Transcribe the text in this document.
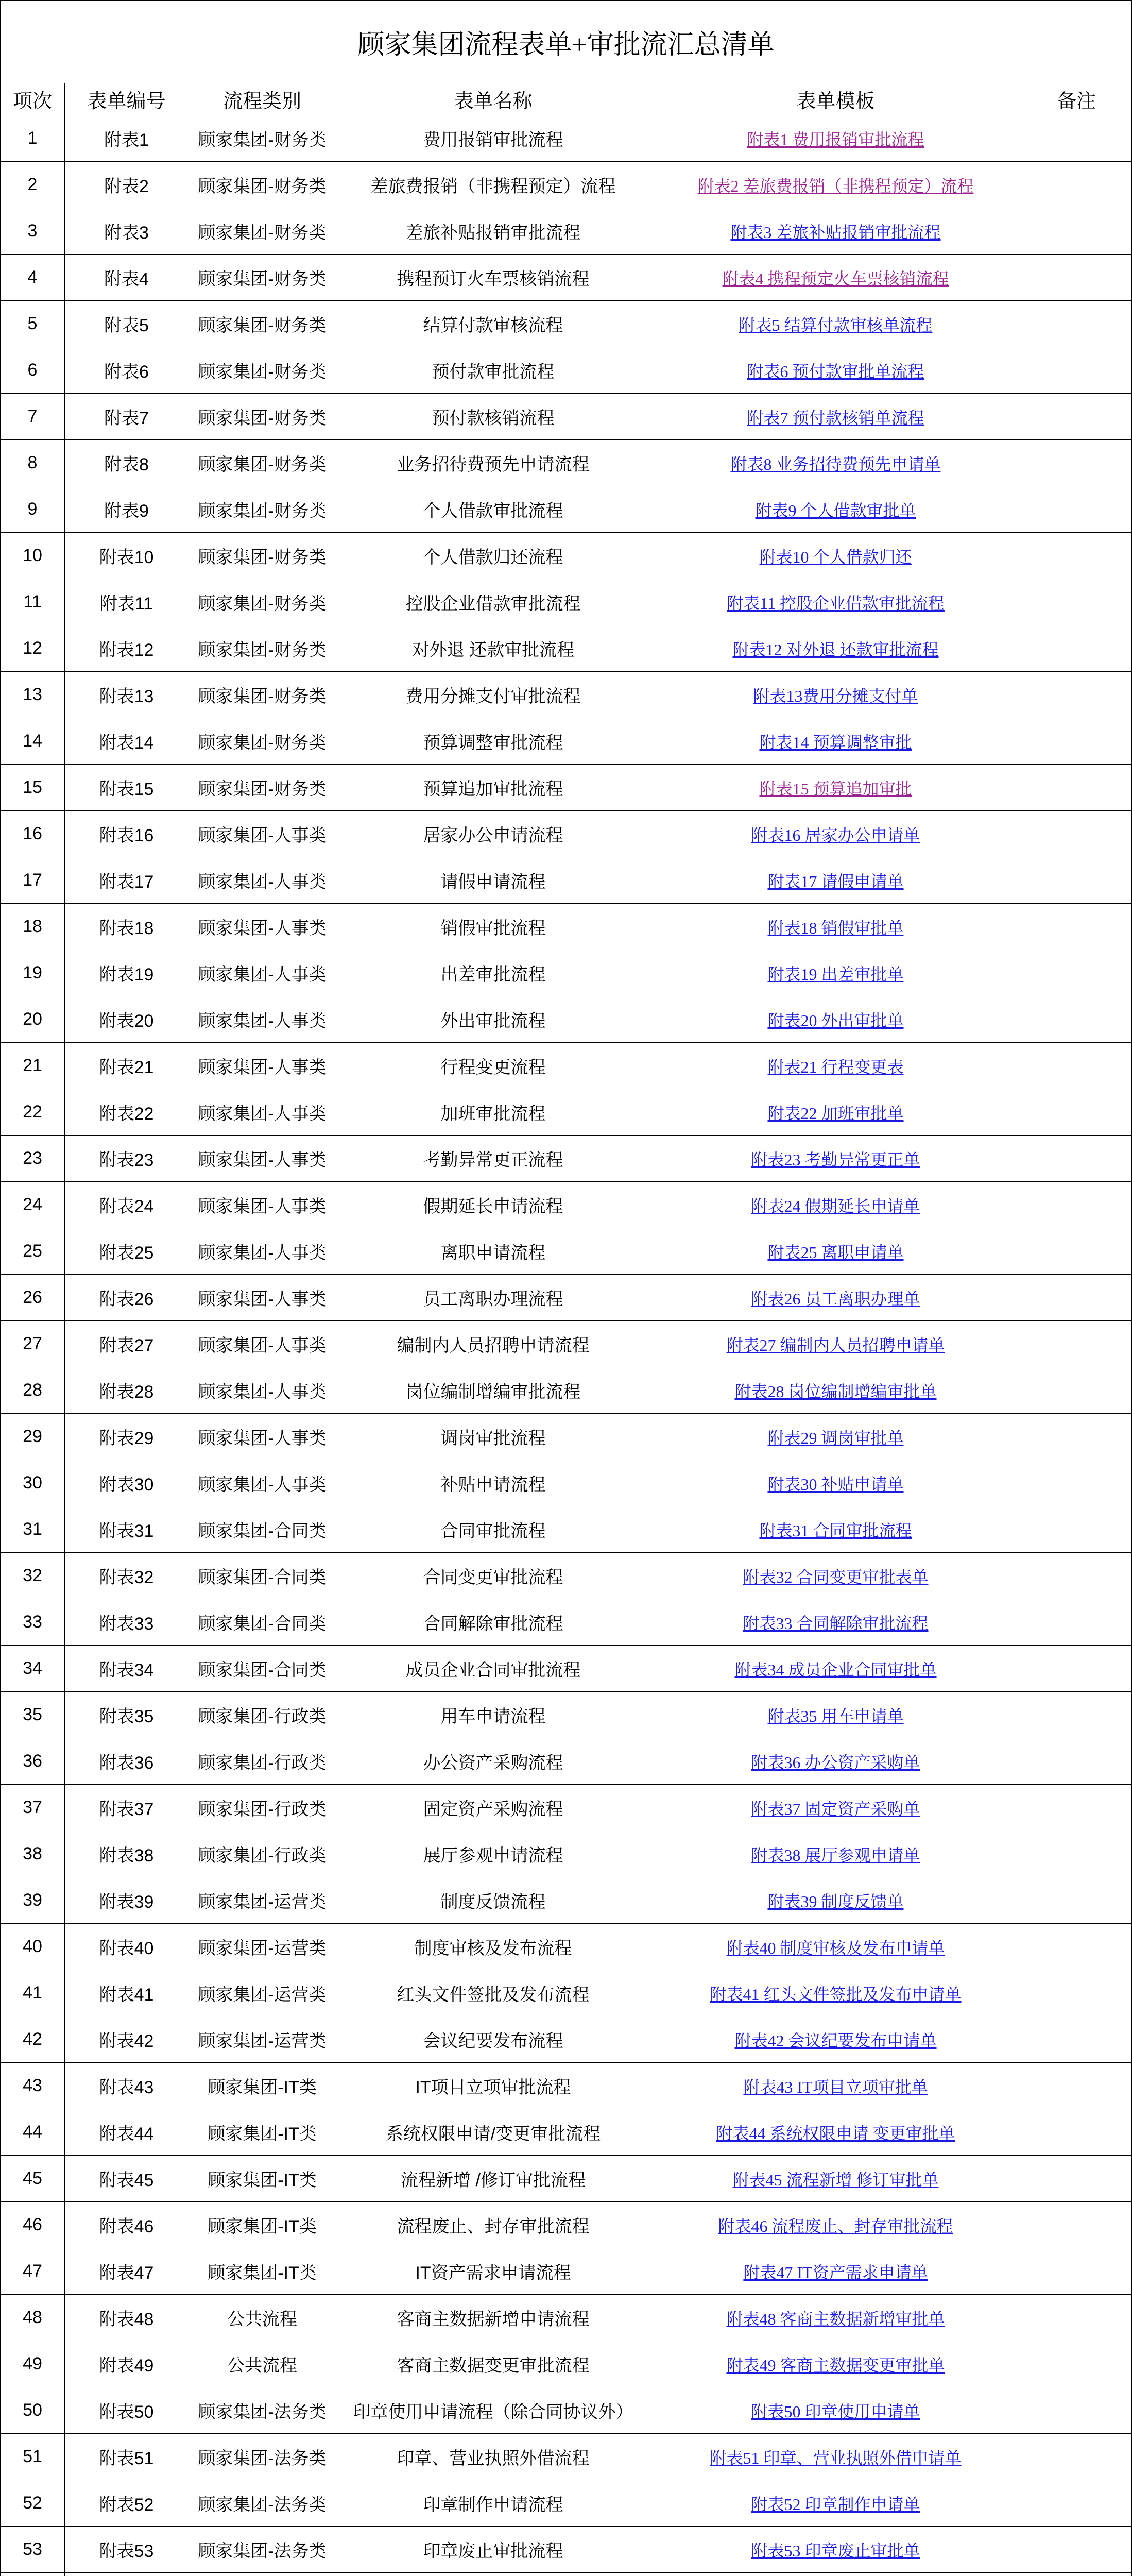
顾家集团流程表单+审批流汇总清单
项次	表单编号	流程类别	表单名称	表单模板	备注
1	附表1	顾家集团-财务类	费用报销审批流程	附表1 费用报销审批流程
2	附表2	顾家集团-财务类	差旅费报销（非携程预定）流程	附表2 差旅费报销（非携程预定）流程
3	附表3	顾家集团-财务类	差旅补贴报销审批流程	附表3 差旅补贴报销审批流程
4	附表4	顾家集团-财务类	携程预订火车票核销流程	附表4 携程预定火车票核销流程
5	附表5	顾家集团-财务类	结算付款审核流程	附表5 结算付款审核单流程
6	附表6	顾家集团-财务类	预付款审批流程	附表6 预付款审批单流程
7	附表7	顾家集团-财务类	预付款核销流程	附表7 预付款核销单流程
8	附表8	顾家集团-财务类	业务招待费预先申请流程	附表8 业务招待费预先申请单
9	附表9	顾家集团-财务类	个人借款审批流程	附表9 个人借款审批单
10	附表10	顾家集团-财务类	个人借款归还流程	附表10 个人借款归还
11	附表11	顾家集团-财务类	控股企业借款审批流程	附表11 控股企业借款审批流程
12	附表12	顾家集团-财务类	对外退 还款审批流程	附表12 对外退 还款审批流程
13	附表13	顾家集团-财务类	费用分摊支付审批流程	附表13费用分摊支付单
14	附表14	顾家集团-财务类	预算调整审批流程	附表14 预算调整审批
15	附表15	顾家集团-财务类	预算追加审批流程	附表15 预算追加审批
16	附表16	顾家集团-人事类	居家办公申请流程	附表16 居家办公申请单
17	附表17	顾家集团-人事类	请假申请流程	附表17 请假申请单
18	附表18	顾家集团-人事类	销假审批流程	附表18 销假审批单
19	附表19	顾家集团-人事类	出差审批流程	附表19 出差审批单
20	附表20	顾家集团-人事类	外出审批流程	附表20 外出审批单
21	附表21	顾家集团-人事类	行程变更流程	附表21 行程变更表
22	附表22	顾家集团-人事类	加班审批流程	附表22 加班审批单
23	附表23	顾家集团-人事类	考勤异常更正流程	附表23 考勤异常更正单
24	附表24	顾家集团-人事类	假期延长申请流程	附表24 假期延长申请单
25	附表25	顾家集团-人事类	离职申请流程	附表25 离职申请单
26	附表26	顾家集团-人事类	员工离职办理流程	附表26 员工离职办理单
27	附表27	顾家集团-人事类	编制内人员招聘申请流程	附表27 编制内人员招聘申请单
28	附表28	顾家集团-人事类	岗位编制增编审批流程	附表28 岗位编制增编审批单
29	附表29	顾家集团-人事类	调岗审批流程	附表29 调岗审批单
30	附表30	顾家集团-人事类	补贴申请流程	附表30 补贴申请单
31	附表31	顾家集团-合同类	合同审批流程	附表31 合同审批流程
32	附表32	顾家集团-合同类	合同变更审批流程	附表32 合同变更审批表单
33	附表33	顾家集团-合同类	合同解除审批流程	附表33 合同解除审批流程
34	附表34	顾家集团-合同类	成员企业合同审批流程	附表34 成员企业合同审批单
35	附表35	顾家集团-行政类	用车申请流程	附表35 用车申请单
36	附表36	顾家集团-行政类	办公资产采购流程	附表36 办公资产采购单
37	附表37	顾家集团-行政类	固定资产采购流程	附表37 固定资产采购单
38	附表38	顾家集团-行政类	展厅参观申请流程	附表38 展厅参观申请单
39	附表39	顾家集团-运营类	制度反馈流程	附表39 制度反馈单
40	附表40	顾家集团-运营类	制度审核及发布流程	附表40 制度审核及发布申请单
41	附表41	顾家集团-运营类	红头文件签批及发布流程	附表41 红头文件签批及发布申请单
42	附表42	顾家集团-运营类	会议纪要发布流程	附表42 会议纪要发布申请单
43	附表43	顾家集团-IT类	IT项目立项审批流程	附表43 IT项目立项审批单
44	附表44	顾家集团-IT类	系统权限申请/变更审批流程	附表44 系统权限申请 变更审批单
45	附表45	顾家集团-IT类	流程新增 /修订审批流程	附表45 流程新增 修订审批单
46	附表46	顾家集团-IT类	流程废止、封存审批流程	附表46 流程废止、封存审批流程
47	附表47	顾家集团-IT类	IT资产需求申请流程	附表47 IT资产需求申请单
48	附表48	公共流程	客商主数据新增申请流程	附表48 客商主数据新增审批单
49	附表49	公共流程	客商主数据变更审批流程	附表49 客商主数据变更审批单
50	附表50	顾家集团-法务类	印章使用申请流程（除合同协议外）	附表50 印章使用申请单
51	附表51	顾家集团-法务类	印章、营业执照外借流程	附表51 印章、营业执照外借申请单
52	附表52	顾家集团-法务类	印章制作申请流程	附表52 印章制作申请单
53	附表53	顾家集团-法务类	印章废止审批流程	附表53 印章废止审批单
